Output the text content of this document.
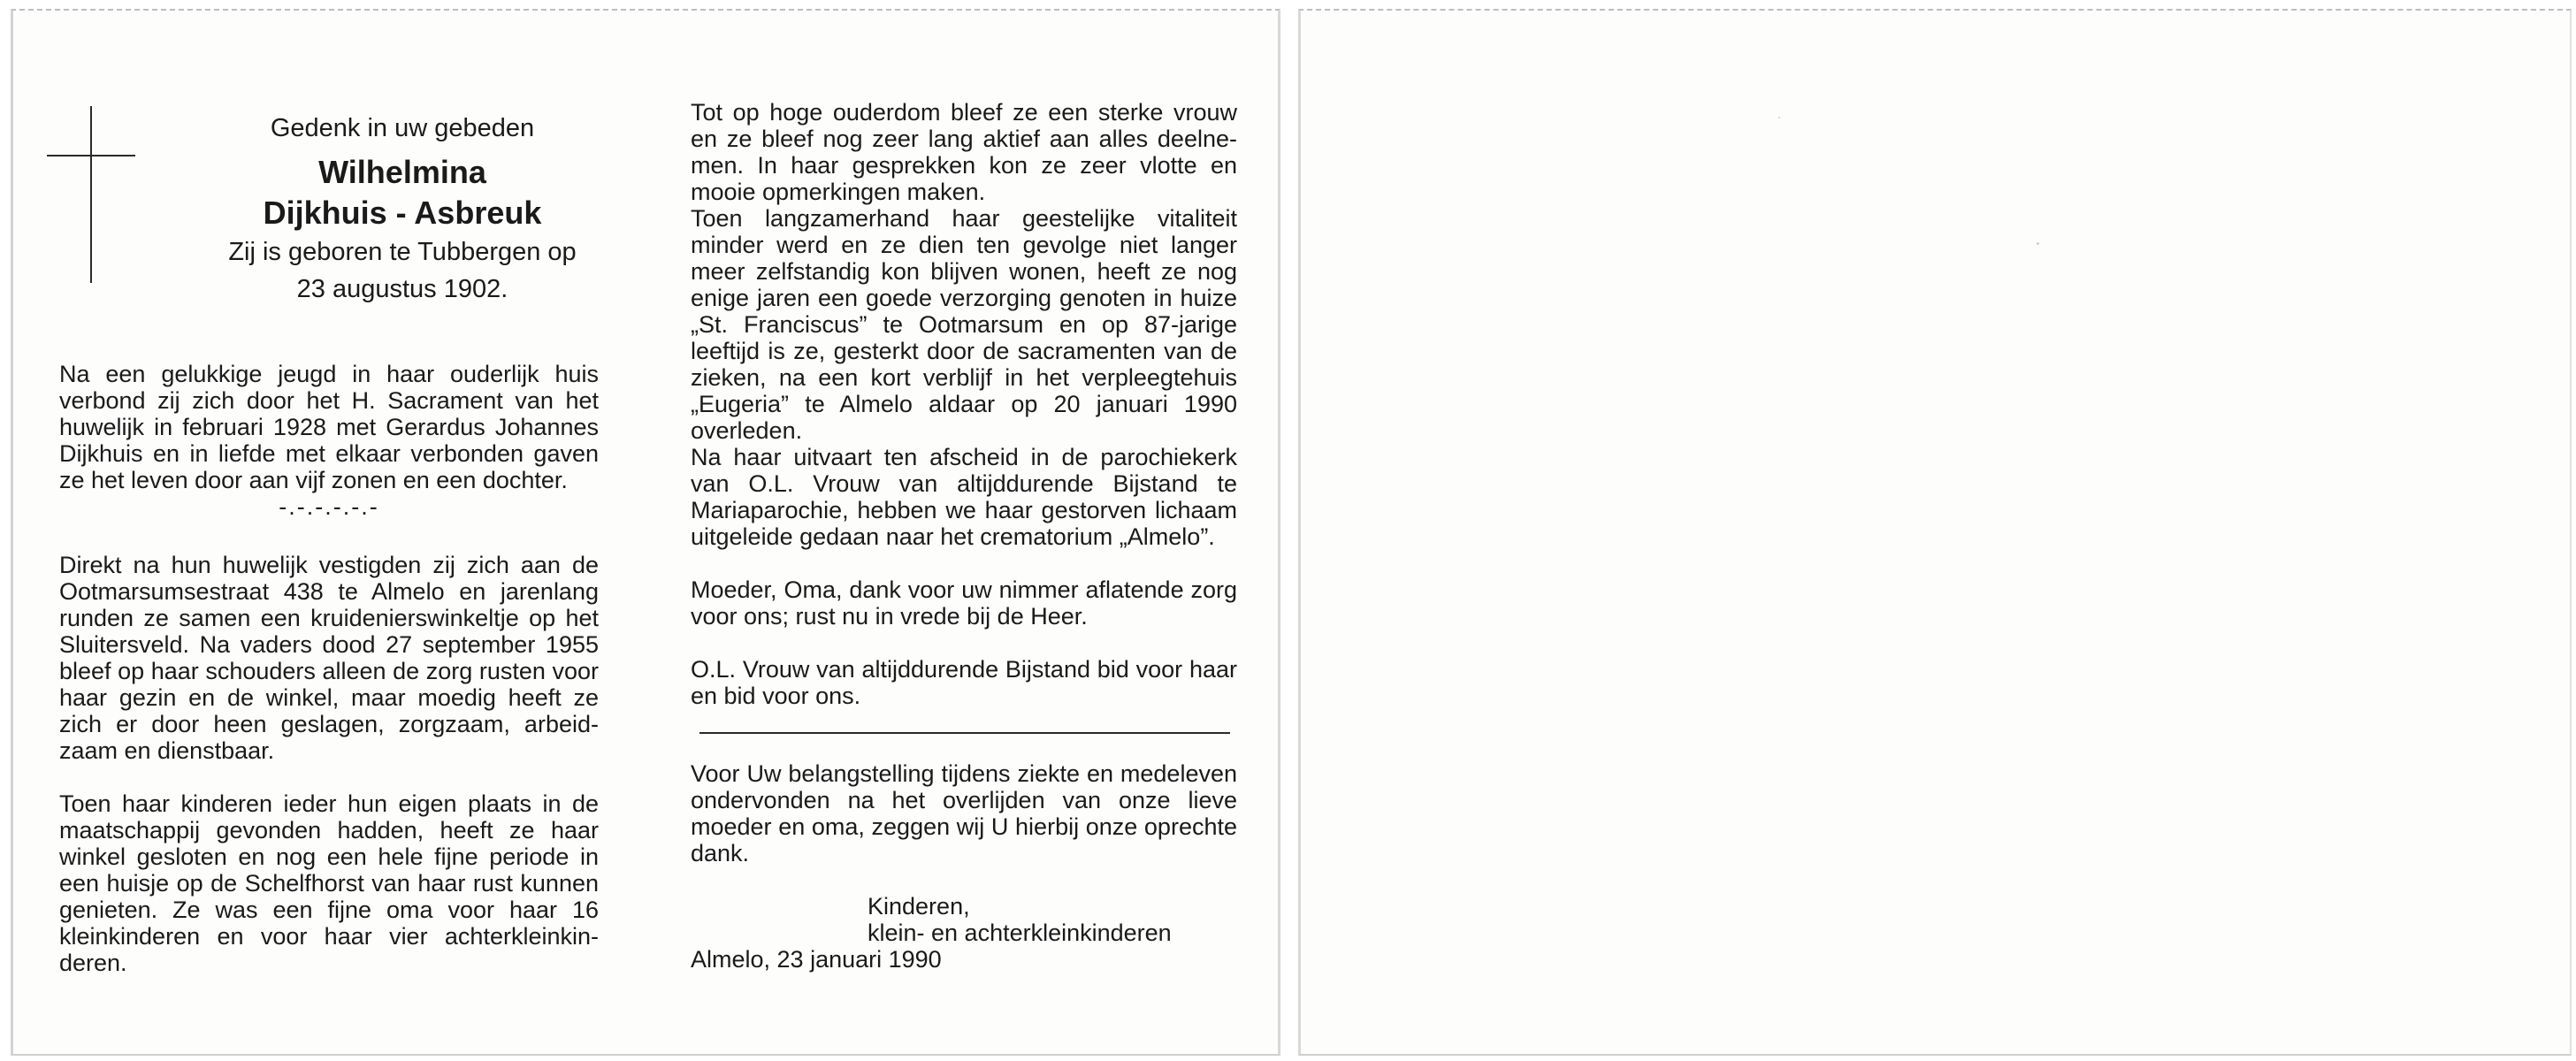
Gedenk in uw gebeden
Wilhelmina
Dijkhuis - Asbreuk
Zij is geboren te Tubbergen op
23 augustus 1902.

Na een gelukkige jeugd in haar ouderlijk huis verbond zij zich door het H. Sacrament van het huwelijk in februari 1928 met Gerardus Johannes Dijkhuis en in liefde met elkaar verbonden gaven ze het leven door aan vijf zonen en een dochter.

-.-.-.-.-.-

Direkt na hun huwelijk vestigden zij zich aan de Ootmarsumsestraat 438 te Almelo en jarenlang runden ze samen een kruidenierswinkeltje op het Sluitersveld. Na vaders dood 27 september 1955 bleef op haar schouders alleen de zorg rusten voor haar gezin en de winkel, maar moedig heeft ze zich er door heen geslagen, zorgzaam, arbeidzaam en dienstbaar.

Toen haar kinderen ieder hun eigen plaats in de maatschappij gevonden hadden, heeft ze haar winkel gesloten en nog een hele fijne periode in een huisje op de Schelfhorst van haar rust kunnen genieten. Ze was een fijne oma voor haar 16 kleinkinderen en voor haar vier achterkleinkinderen.

Tot op hoge ouderdom bleef ze een sterke vrouw en ze bleef nog zeer lang aktief aan alles deelnemen. In haar gesprekken kon ze zeer vlotte en mooie opmerkingen maken.

Toen langzamerhand haar geestelijke vitaliteit minder werd en ze dien ten gevolge niet langer meer zelfstandig kon blijven wonen, heeft ze nog enige jaren een goede verzorging genoten in huize „St. Franciscus” te Ootmarsum en op 87-jarige leeftijd is ze, gesterkt door de sacramenten van de zieken, na een kort verblijf in het verpleegtehuis „Eugeria” te Almelo aldaar op 20 januari 1990 overleden.

Na haar uitvaart ten afscheid in de parochiekerk van O.L. Vrouw van altijddurende Bijstand te Mariaparochie, hebben we haar gestorven lichaam uitgeleide gedaan naar het crematorium „Almelo”.

Moeder, Oma, dank voor uw nimmer aflatende zorg voor ons; rust nu in vrede bij de Heer.

O.L. Vrouw van altijddurende Bijstand bid voor haar en bid voor ons.

Voor Uw belangstelling tijdens ziekte en medeleven ondervonden na het overlijden van onze lieve moeder en oma, zeggen wij U hierbij onze oprechte dank.

Kinderen,

klein- en achterkleinkinderen

Almelo, 23 januari 1990
